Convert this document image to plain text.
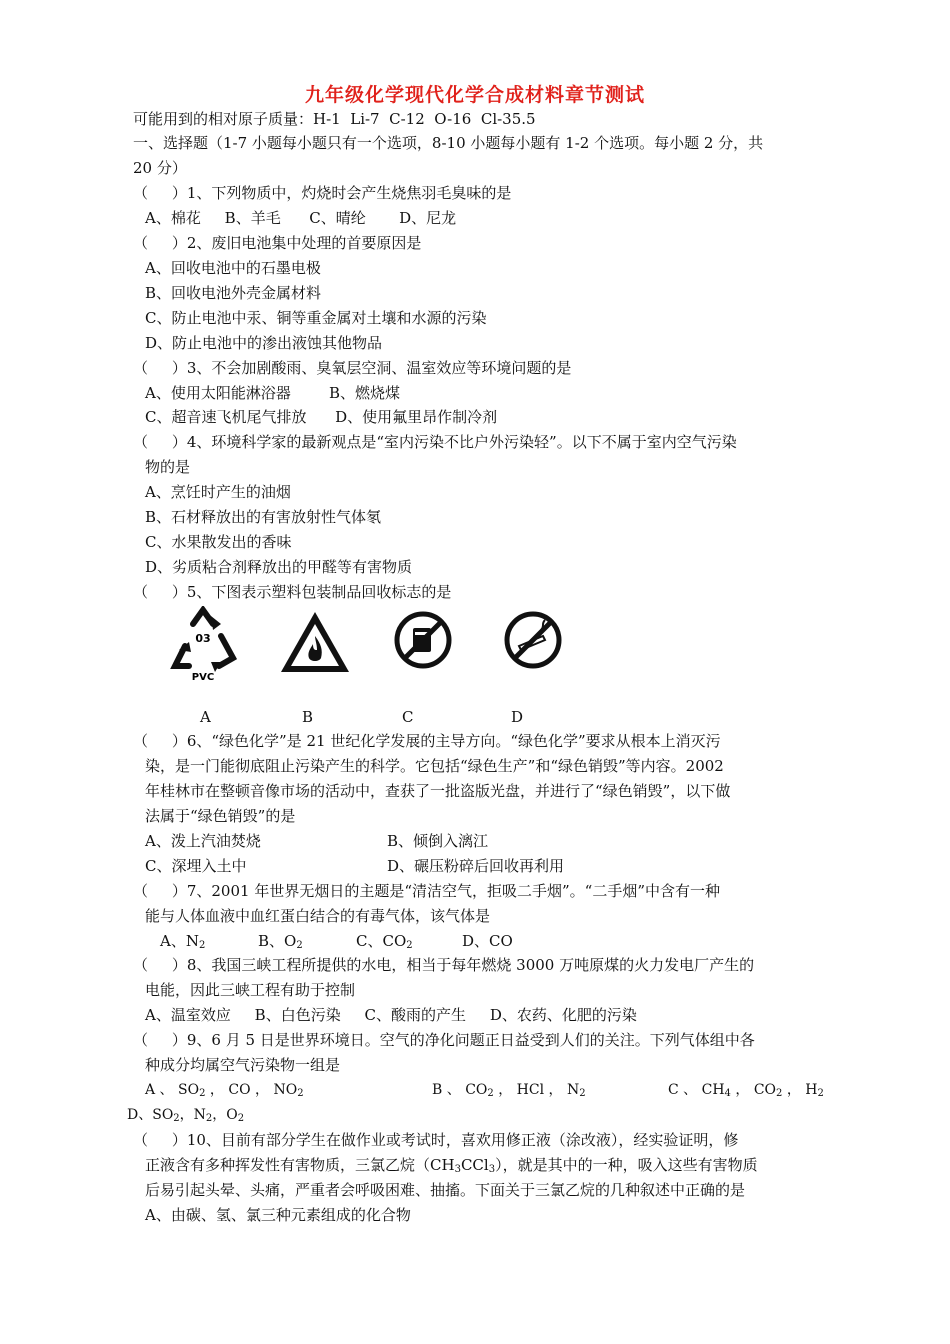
九年级化学现代化学合成材料章节测试
可能用到的相对原子质量：H-1  Li-7  C-12  O-16  Cl-35.5
一、选择题（1-7 小题每小题只有一个选项，8-10 小题每小题有 1-2 个选项。每小题 2 分，共
20 分）
（     ）1、下列物质中，灼烧时会产生烧焦羽毛臭味的是
A、棉花     B、羊毛      C、晴纶       D、尼龙
（     ）2、废旧电池集中处理的首要原因是
A、回收电池中的石墨电极
B、回收电池外壳金属材料
C、防止电池中汞、铜等重金属对土壤和水源的污染
D、防止电池中的渗出液蚀其他物品
（     ）3、不会加剧酸雨、臭氧层空洞、温室效应等环境问题的是
A、使用太阳能淋浴器        B、燃烧煤
C、超音速飞机尾气排放      D、使用氟里昂作制冷剂
（     ）4、环境科学家的最新观点是“室内污染不比户外污染轻”。以下不属于室内空气污染
物的是
A、烹饪时产生的油烟
B、石材释放出的有害放射性气体氡
C、水果散发出的香味
D、劣质粘合剂释放出的甲醛等有害物质
（     ）5、下图表示塑料包装制品回收标志的是
03
PVC
A	B	C	D
（     ）6、“绿色化学”是 21 世纪化学发展的主导方向。“绿色化学”要求从根本上消灭污
染，是一门能彻底阻止污染产生的科学。它包括“绿色生产”和“绿色销毁”等内容。2002
年桂林市在整顿音像市场的活动中，查获了一批盗版光盘，并进行了“绿色销毁”，以下做
法属于“绿色销毁”的是
A、泼上汽油焚烧	B、倾倒入漓江
C、深埋入土中	D、碾压粉碎后回收再利用
（     ）7、2001 年世界无烟日的主题是“清洁空气，拒吸二手烟”。“二手烟”中含有一种
能与人体血液中血红蛋白结合的有毒气体，该气体是
A、$N_2$	B、$O_2$	C、$CO_2$	D、CO
（     ）8、我国三峡工程所提供的水电，相当于每年燃烧 3000 万吨原煤的火力发电厂产生的
电能，因此三峡工程有助于控制
A、温室效应     B、白色污染     C、酸雨的产生     D、农药、化肥的污染
（     ）9、6 月 5 日是世界环境日。空气的净化问题正日益受到人们的关注。下列气体组中各
种成分均属空气污染物一组是
A 、 $SO_2$ ， CO ， $NO_2$	B 、 $CO_2$ ， HCl ， $N_2$	C 、 $CH_4$ ， $CO_2$ ， $H_2$
D、$SO_2$，$N_2$，$O_2$
（     ）10、目前有部分学生在做作业或考试时，喜欢用修正液（涂改液），经实验证明，修
正液含有多种挥发性有害物质，三氯乙烷$(CH_3CCl_3)$，就是其中的一种，吸入这些有害物质
后易引起头晕、头痛，严重者会呼吸困难、抽搐。下面关于三氯乙烷的几种叙述中正确的是
A、由碳、氢、氯三种元素组成的化合物
